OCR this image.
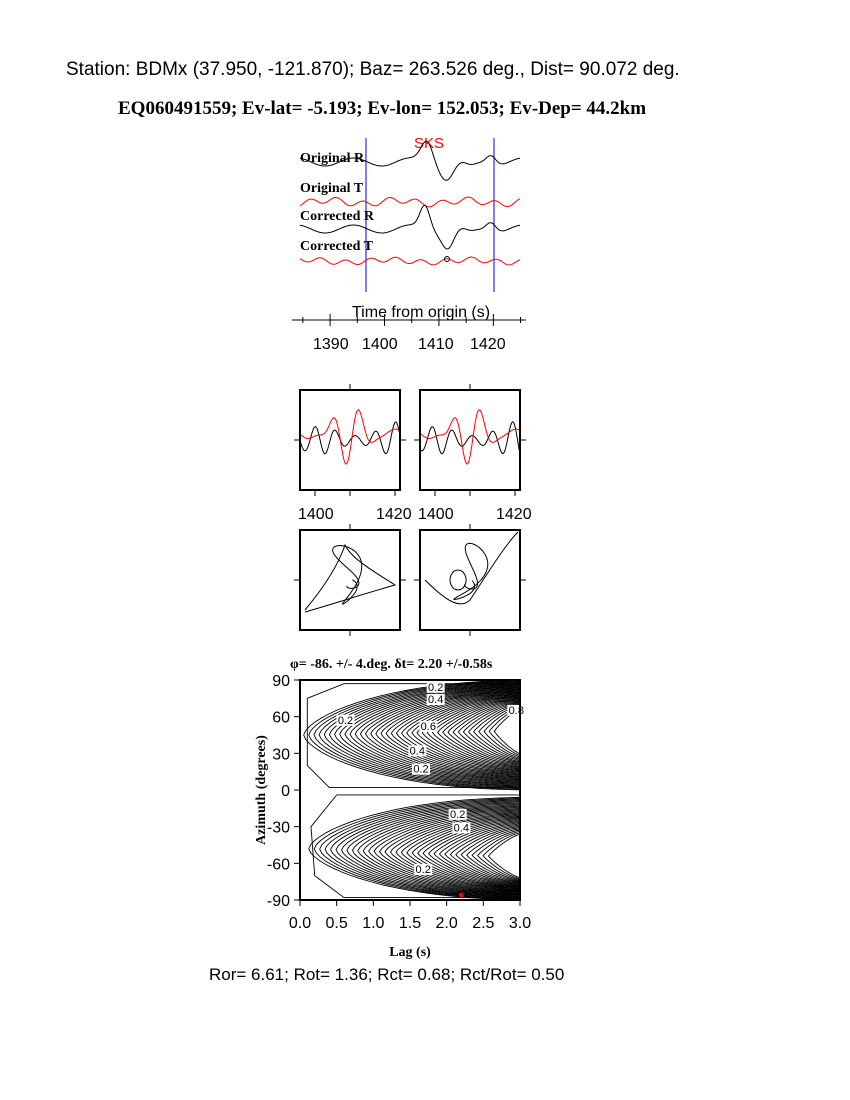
Station: BDMx (37.950, -121.870); Baz= 263.526 deg., Dist= 90.072 deg.
EQ060491559; Ev-lat= -5.193; Ev-lon= 152.053; Ev-Dep= 44.2km
SKS
Original R
Original T
Corrected R
Corrected T
Time from origin (s)
1390 1400 1410 1420
1400	1420 1400	1420
φ= -86. +/- 4.deg. δt= 2.20 +/-0.58s
0.2
0.4
0.8
0.2
0.6
0.4
0.2
0.2
0.4
0.2
90
60
30
0
-30
-60
-90
0.0 0.5 1.0 1.5 2.0 2.5 3.0
Azimuth (degrees)
Lag (s)
Ror= 6.61; Rot= 1.36; Rct= 0.68; Rct/Rot= 0.50
